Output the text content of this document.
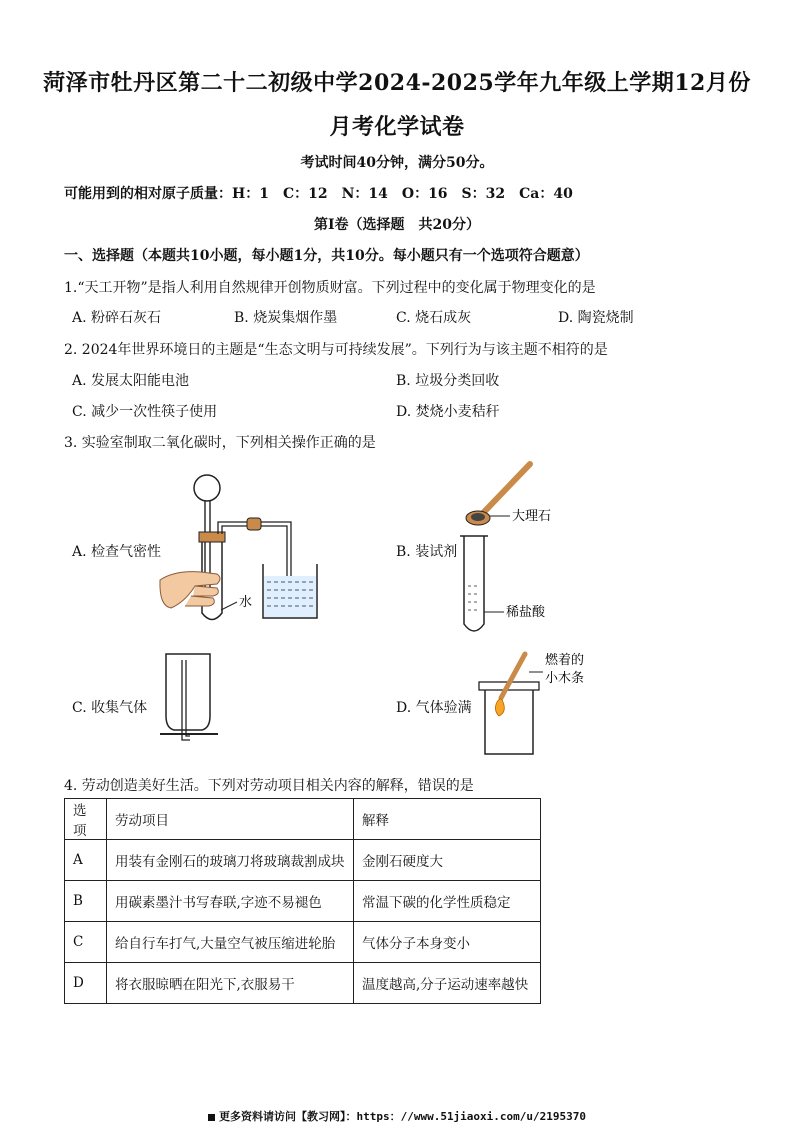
菏泽市牡丹区第二十二初级中学2024-2025学年九年级上学期12月份
月考化学试卷
考试时间40分钟，满分50分。
可能用到的相对原子质量：H：1　C：12　N：14　O：16　S：32　Ca：40
第Ⅰ卷（选择题　共20分）
一、选择题（本题共10小题，每小题1分，共10分。每小题只有一个选项符合题意）
1.“天工开物”是指人利用自然规律开创物质财富。下列过程中的变化属于物理变化的是
A. 粉碎石灰石	B. 烧炭集烟作墨	C. 烧石成灰	D. 陶瓷烧制
2. 2024年世界环境日的主题是“生态文明与可持续发展”。下列行为与该主题不相符的是
A. 发展太阳能电池	B. 垃圾分类回收
C. 减少一次性筷子使用	D. 焚烧小麦秸秆
3. 实验室制取二氧化碳时，下列相关操作正确的是
A. 检查气密性	B. 装试剂
C. 收集气体	D. 气体验满
水
大理石
稀盐酸
燃着的
小木条
4. 劳动创造美好生活。下列对劳动项目相关内容的解释，错误的是
选项	劳动项目	解释
A	用装有金刚石的玻璃刀将玻璃裁割成块	金刚石硬度大
B	用碳素墨汁书写春联,字迹不易褪色	常温下碳的化学性质稳定
C	给自行车打气,大量空气被压缩进轮胎	气体分子本身变小
D	将衣服晾晒在阳光下,衣服易干	温度越高,分子运动速率越快
更多资料请访问【教习网】：https：//www.51jiaoxi.com/u/2195370
